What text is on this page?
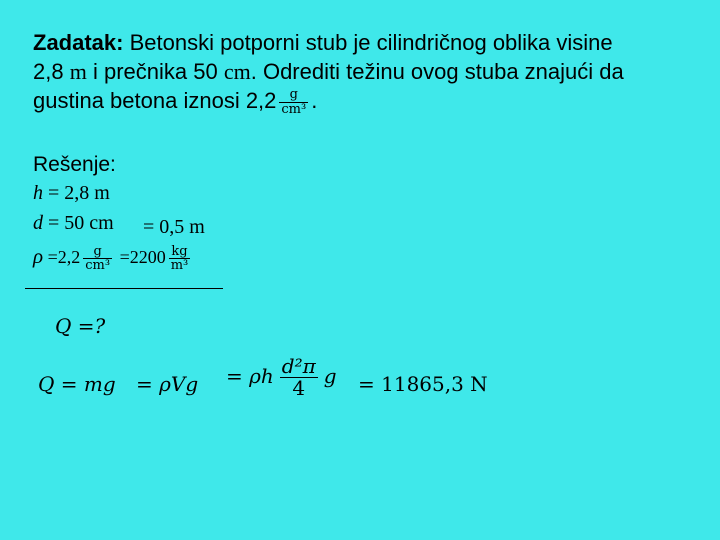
Zadatak: Betonski potporni stub je cilindričnog oblika visine
2,8 m i prečnika 50 cm. Odrediti težinu ovog stuba znajući da
gustina betona iznosi $2,2 \frac{g}{\text{cm³}}$ .
Rešenje:
h = 2,8 m
d = 50 cm = 0,5 m
$\rho =2,2 \frac{g}{\text{cm³}} =2200 \frac{kg}{\text{m³}}$
Q =?
Q = mg = ρVg = ρh $\frac{\text{d²π}}{4}$ g = 11865,3 N
